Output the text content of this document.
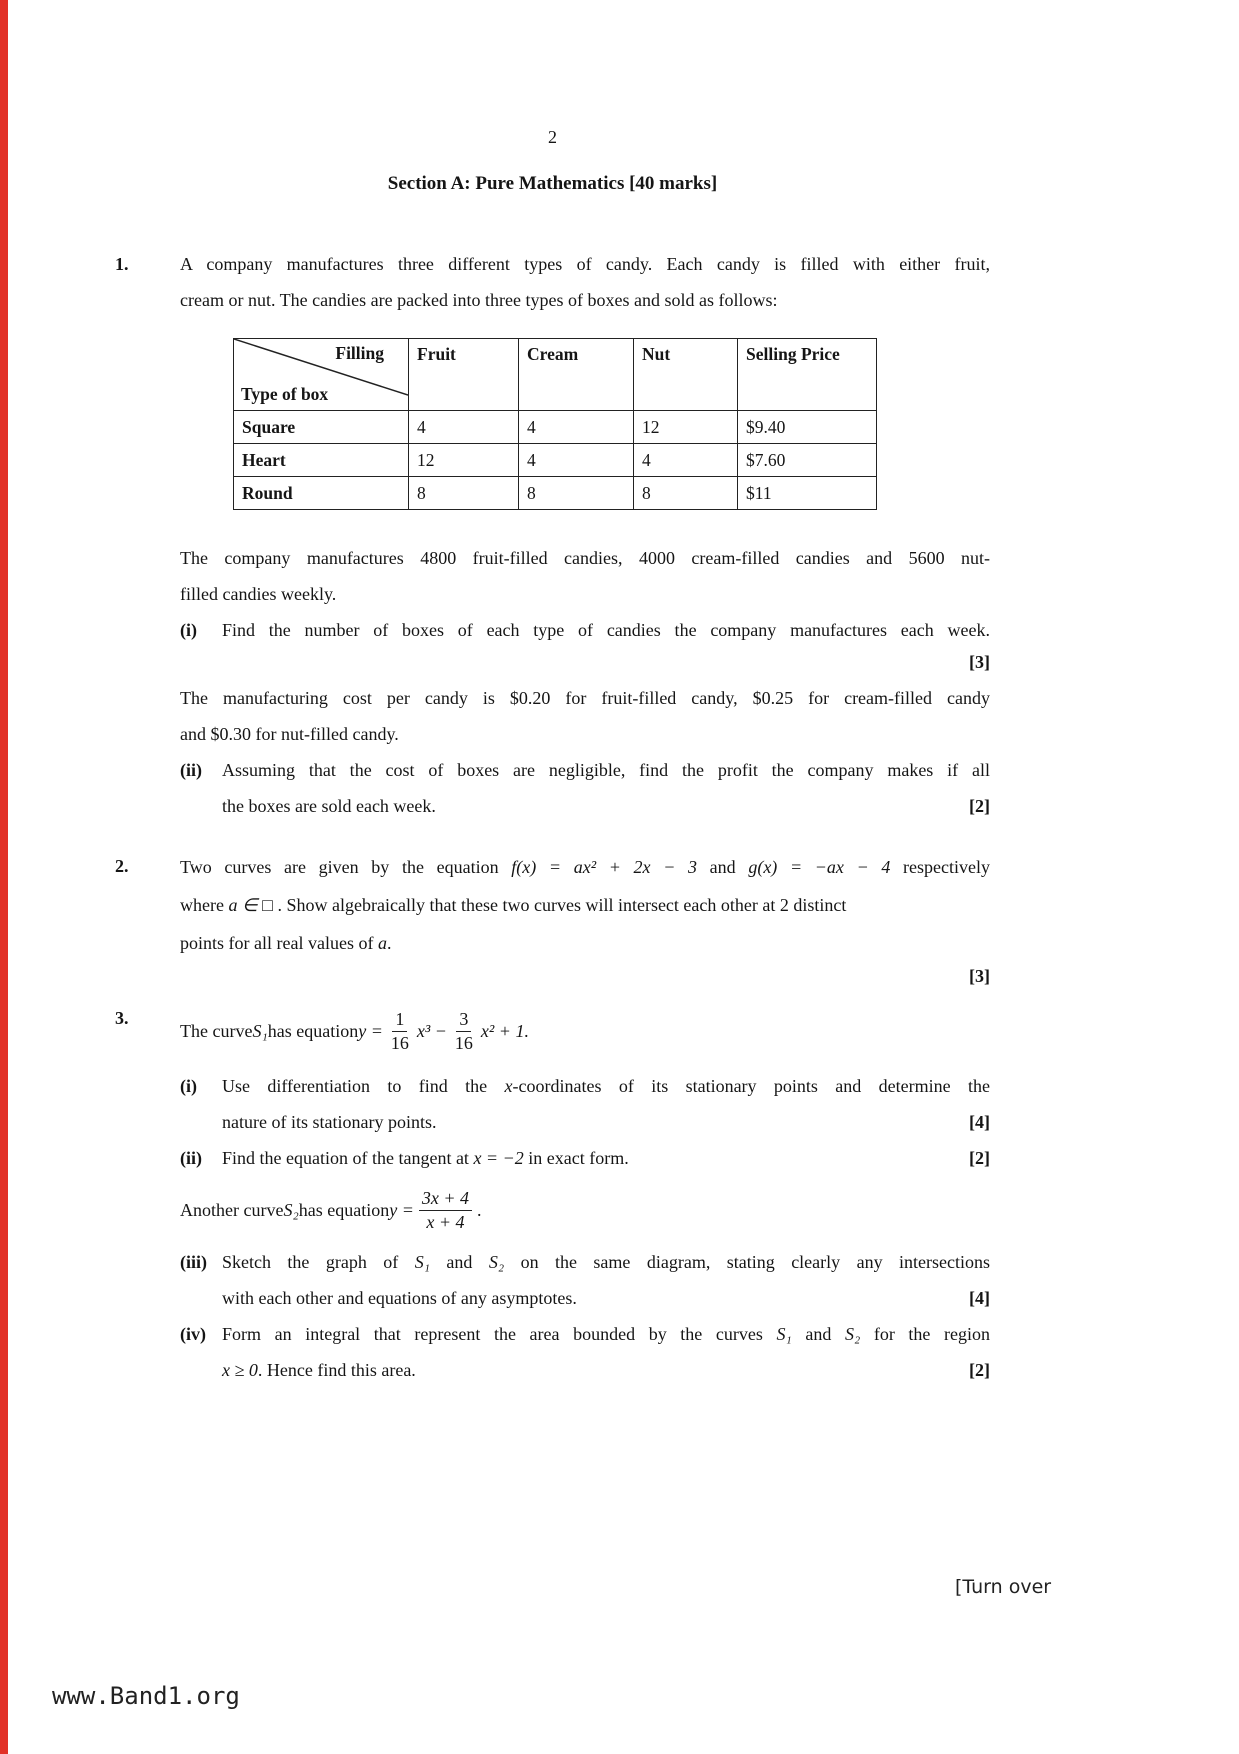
2
Section A: Pure Mathematics [40 marks]
1.	A company manufactures three different types of candy. Each candy is filled with either fruit,
cream or nut. The candies are packed into three types of boxes and sold as follows:
Filling
Type of box	Fruit	Cream	Nut	Selling Price
Square	4	4	12	$9.40
Heart	12	4	4	$7.60
Round	8	8	8	$11
The company manufactures 4800 fruit-filled candies, 4000 cream-filled candies and 5600 nut-
filled candies weekly.
(i)	Find the number of boxes of each type of candies the company manufactures each week.
[3]
The manufacturing cost per candy is $0.20 for fruit-filled candy, $0.25 for cream-filled candy
and $0.30 for nut-filled candy.
(ii)	Assuming that the cost of boxes are negligible, find the profit the company makes if all
the boxes are sold each week.	[2]
2.	Two curves are given by the equation f(x) = ax² + 2x − 3 and g(x) = −ax − 4 respectively
where a ∈ □ . Show algebraically that these two curves will intersect each other at 2 distinct
points for all real values of a.
[3]
3.
The curve S₁ has equation $y = \frac{1}{16} x^3 - \frac{3}{16} x^2 + 1$.
(i)	Use differentiation to find the x-coordinates of its stationary points and determine the
nature of its stationary points.	[4]
(ii)	Find the equation of the tangent at x = −2 in exact form.	[2]
Another curve S₂ has equation $y = \frac{3x + 4}{x + 4}$ .
(iii) Sketch the graph of S₁ and S₂ on the same diagram, stating clearly any intersections
with each other and equations of any asymptotes.	[4]
(iv) Form an integral that represent the area bounded by the curves S₁ and S₂ for the region
x ≥ 0. Hence find this area.	[2]
[Turn over
www.Band1.org
